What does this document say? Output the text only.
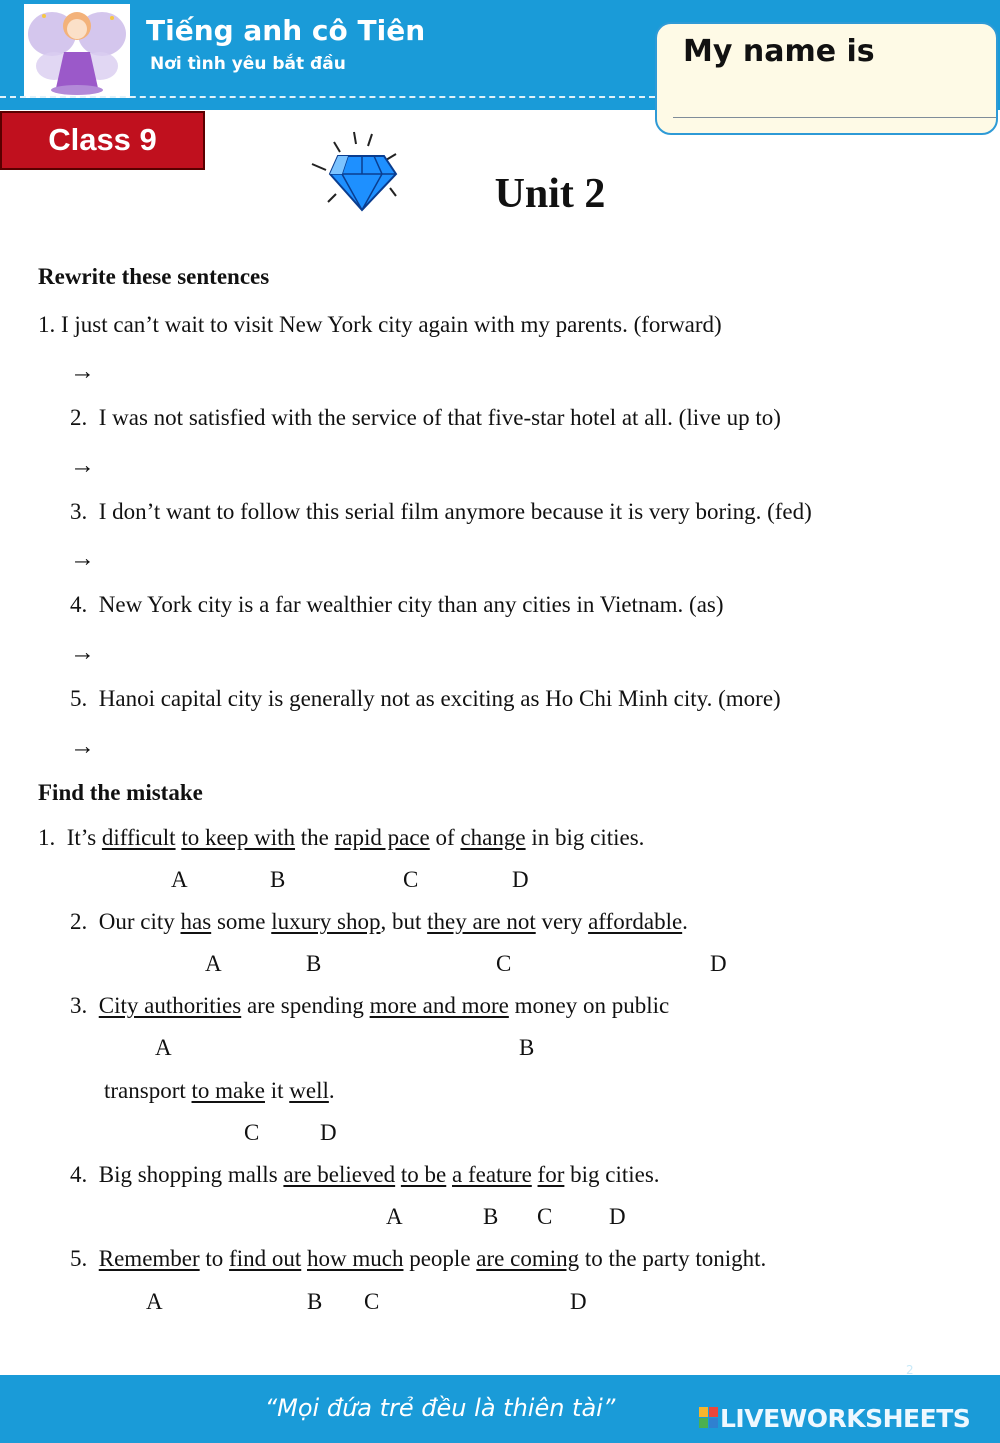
Tiếng anh cô Tiên
Nơi tình yêu bắt đầu	My name is
Class 9
Unit 2
Rewrite these sentences
1. I just can’t wait to visit New York city again with my parents. (forward)
→
2. I was not satisfied with the service of that five-star hotel at all. (live up to)
→
3. I don’t want to follow this serial film anymore because it is very boring. (fed)
→
4. New York city is a far wealthier city than any cities in Vietnam. (as)
→
5. Hanoi capital city is generally not as exciting as Ho Chi Minh city. (more)
→
Find the mistake
1. It’s difficult to keep with the rapid pace of change in big cities.
A	B	C	D
2. Our city has some luxury shop, but they are not very affordable.
A	B	C	D
3. City authorities are spending more and more money on public
A	B
transport to make it well.
C	D
4. Big shopping malls are believed to be a feature for big cities.
A	B C D
5. Remember to find out how much people are coming to the party tonight.
A	B C	D
2
“Mọi đứa trẻ đều là thiên tài”	LIVEWORKSHEETS
